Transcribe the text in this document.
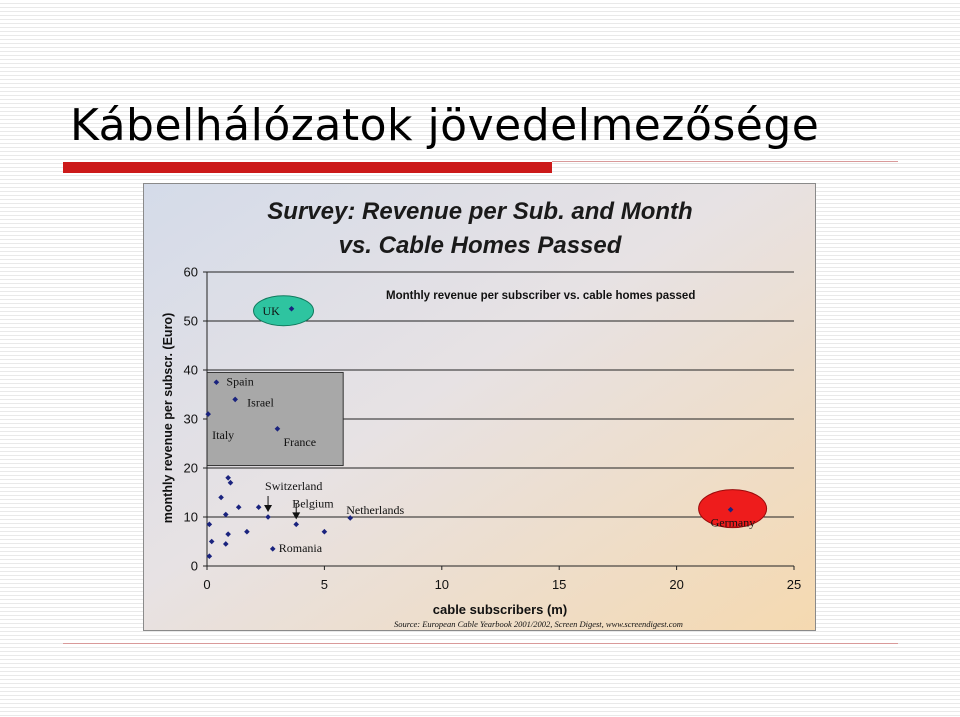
Kábelhálózatok jövedelmezősége
Survey: Revenue per Sub. and Month
vs. Cable Homes Passed
0
10
20
30
40
50
60
0	5	10	15	20	25
UK
Spain
Israel
Italy	France
Switzerland
Belgium Netherlands
Germany
Romania
Monthly revenue per subscriber vs. cable homes passed
cable subscribers (m)
monthly revenue per subscr. (Euro)
Source: European Cable Yearbook 2001/2002, Screen Digest, www.screendigest.com
